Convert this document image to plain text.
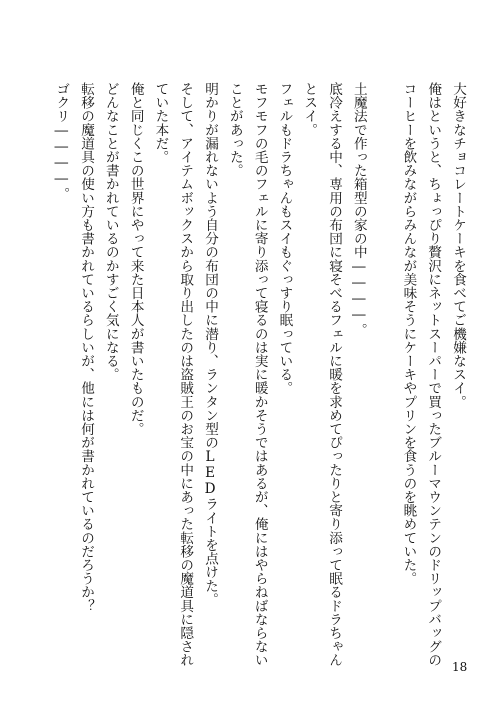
大好きなチョコレートケーキを食べてご機嫌なスイ。
俺はというと、ちょっぴり贅沢にネットスーパーで買ったブルーマウンテンのドリップバッグの
コーヒーを飲みながらみんなが美味そうにケーキやプリンを食うのを眺めていた。

土魔法で作った箱型の家の中――――。
底冷えする中、専用の布団に寝そべるフェルに暖を求めてぴったりと寄り添って眠るドラちゃん
とスイ。
フェルもドラちゃんもスイもぐっすり眠っている。
モフモフの毛のフェルに寄り添って寝るのは実に暖かそうではあるが、俺にはやらねばならない
ことがあった。
明かりが漏れないよう自分の布団の中に潜り、ランタン型のLEDライトを点けた。
そして、アイテムボックスから取り出したのは盗賊王のお宝の中にあった転移の魔道具に隠され
ていた本だ。
俺と同じくこの世界にやって来た日本人が書いたものだ。
どんなことが書かれているのかすごく気になる。
転移の魔道具の使い方も書かれているらしいが、他には何が書かれているのだろうか？
ゴクリ――――。
18
